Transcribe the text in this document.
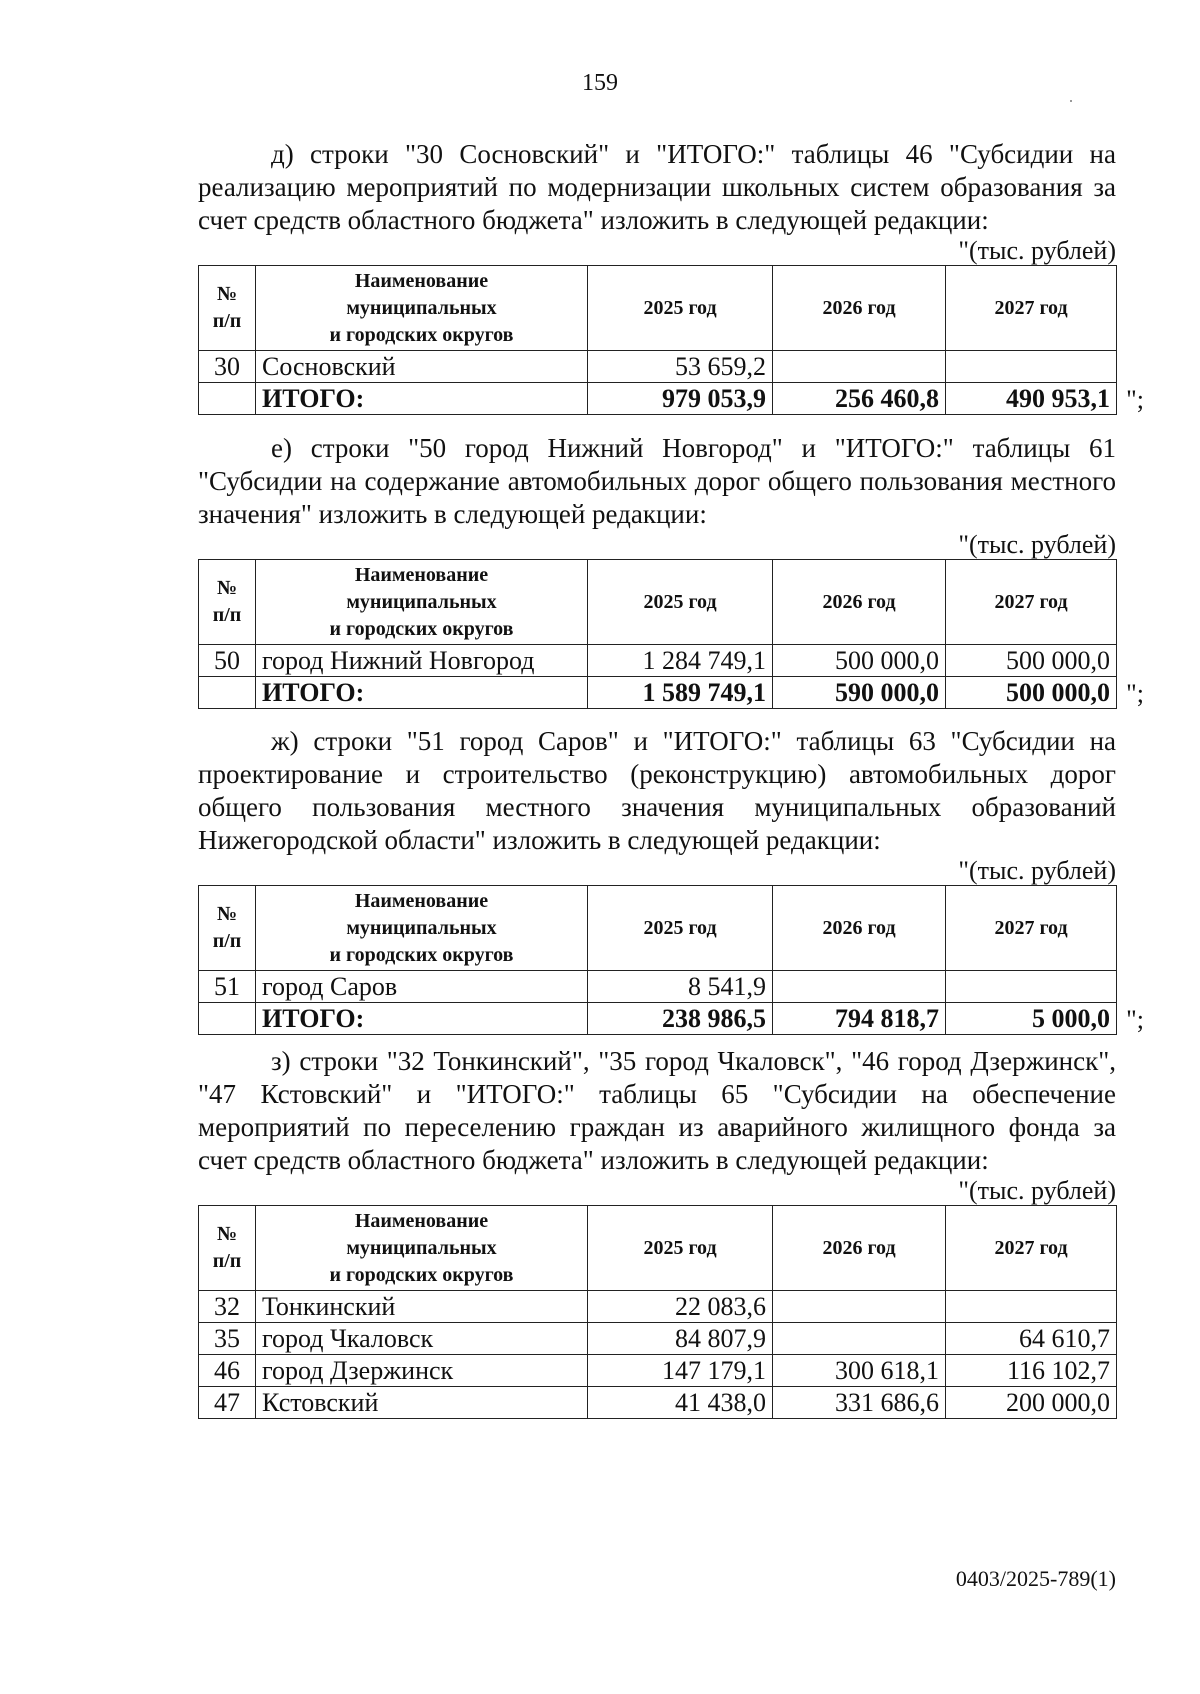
159

д) строки "30 Сосновский" и "ИТОГО:" таблицы 46 "Субсидии на реализацию мероприятий по модернизации школьных систем образования за счет средств областного бюджета" изложить в следующей редакции:

"(тыс. рублей)

№
п/п	Наименование
муниципальных
и городских округов	2025 год	2026 год	2027 год
30	Сосновский	53 659,2		
	ИТОГО:	979 053,9	256 460,8	490 953,1 ";

е) строки "50 город Нижний Новгород" и "ИТОГО:" таблицы 61 "Субсидии на содержание автомобильных дорог общего пользования местного значения" изложить в следующей редакции:

"(тыс. рублей)

№
п/п	Наименование
муниципальных
и городских округов	2025 год	2026 год	2027 год
50	город Нижний Новгород	1 284 749,1	500 000,0	500 000,0
	ИТОГО:	1 589 749,1	590 000,0	500 000,0 ";

ж) строки "51 город Саров" и "ИТОГО:" таблицы 63 "Субсидии на проектирование и строительство (реконструкцию) автомобильных дорог общего пользования местного значения муниципальных образований Нижегородской области" изложить в следующей редакции:

"(тыс. рублей)

№
п/п	Наименование
муниципальных
и городских округов	2025 год	2026 год	2027 год
51	город Саров	8 541,9		
	ИТОГО:	238 986,5	794 818,7	5 000,0 ";

з) строки "32 Тонкинский", "35 город Чкаловск", "46 город Дзержинск", "47 Кстовский" и "ИТОГО:" таблицы 65 "Субсидии на обеспечение мероприятий по переселению граждан из аварийного жилищного фонда за счет средств областного бюджета" изложить в следующей редакции:

"(тыс. рублей)

№
п/п	Наименование
муниципальных
и городских округов	2025 год	2026 год	2027 год
32	Тонкинский	22 083,6		
35	город Чкаловск	84 807,9		64 610,7
46	город Дзержинск	147 179,1	300 618,1	116 102,7
47	Кстовский	41 438,0	331 686,6	200 000,0
0403/2025-789(1)
